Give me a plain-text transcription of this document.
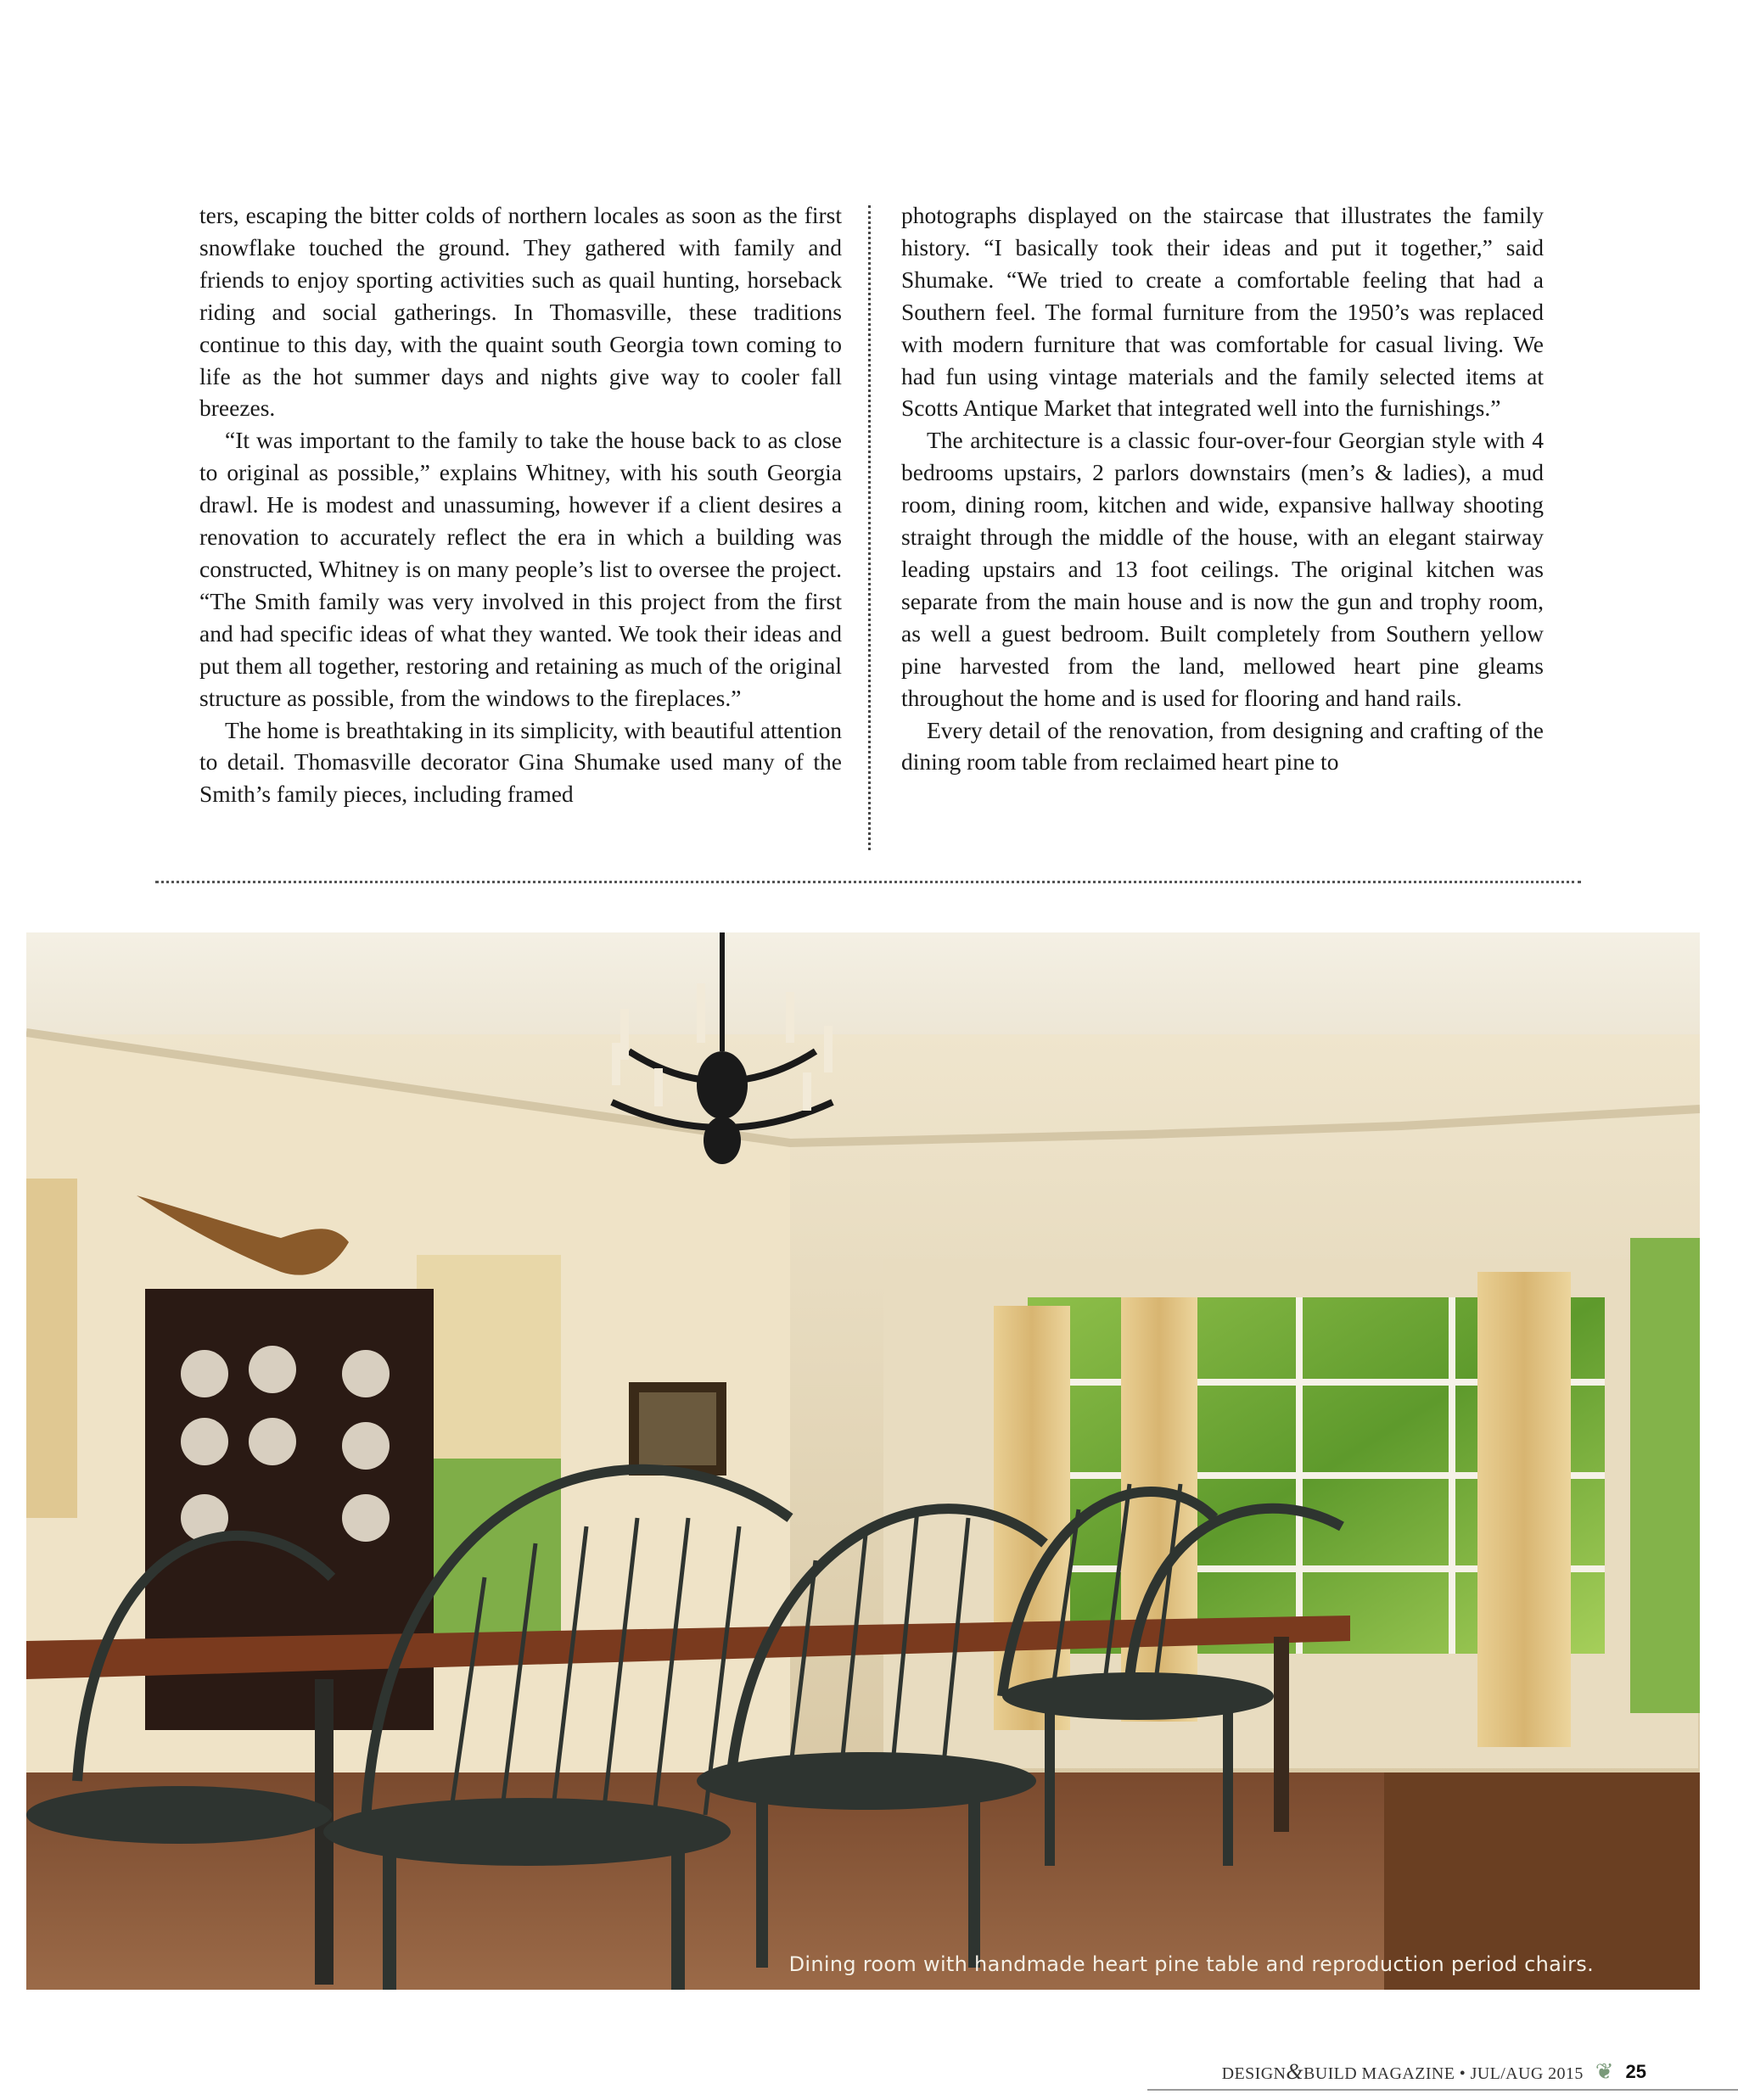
ters, escaping the bitter colds of northern locales as soon as the first snowflake touched the ground. They gathered with family and friends to enjoy sporting activities such as quail hunting, horseback riding and social gatherings. In Thomasville, these traditions continue to this day, with the quaint south Georgia town coming to life as the hot summer days and nights give way to cooler fall breezes.

“It was important to the family to take the house back to as close to original as possible,” explains Whitney, with his south Georgia drawl. He is modest and unassuming, however if a client desires a renovation to accurately reflect the era in which a building was constructed, Whitney is on many people’s list to oversee the project. “The Smith family was very involved in this project from the first and had specific ideas of what they wanted. We took their ideas and put them all together, restoring and retaining as much of the original structure as possible, from the windows to the fireplaces.”

The home is breathtaking in its simplicity, with beautiful attention to detail. Thomasville decorator Gina Shumake used many of the Smith’s family pieces, including framed

photographs displayed on the staircase that illustrates the family history. “I basically took their ideas and put it together,” said Shumake. “We tried to create a comfortable feeling that had a Southern feel. The formal furniture from the 1950’s was replaced with modern furniture that was comfortable for casual living. We had fun using vintage materials and the family selected items at Scotts Antique Market that integrated well into the furnishings.”

The architecture is a classic four-over-four Georgian style with 4 bedrooms upstairs, 2 parlors downstairs (men’s & ladies), a mud room, dining room, kitchen and wide, expansive hallway shooting straight through the middle of the house, with an elegant stairway leading upstairs and 13 foot ceilings. The original kitchen was separate from the main house and is now the gun and trophy room, as well a guest bedroom. Built completely from Southern yellow pine harvested from the land, mellowed heart pine gleams throughout the home and is used for flooring and hand rails.

Every detail of the renovation, from designing and crafting of the dining room table from reclaimed heart pine to

Dining room with handmade heart pine table and reproduction period chairs.
DESIGN&BUILD MAGAZINE • JUL/AUG 2015 ❦ 25
